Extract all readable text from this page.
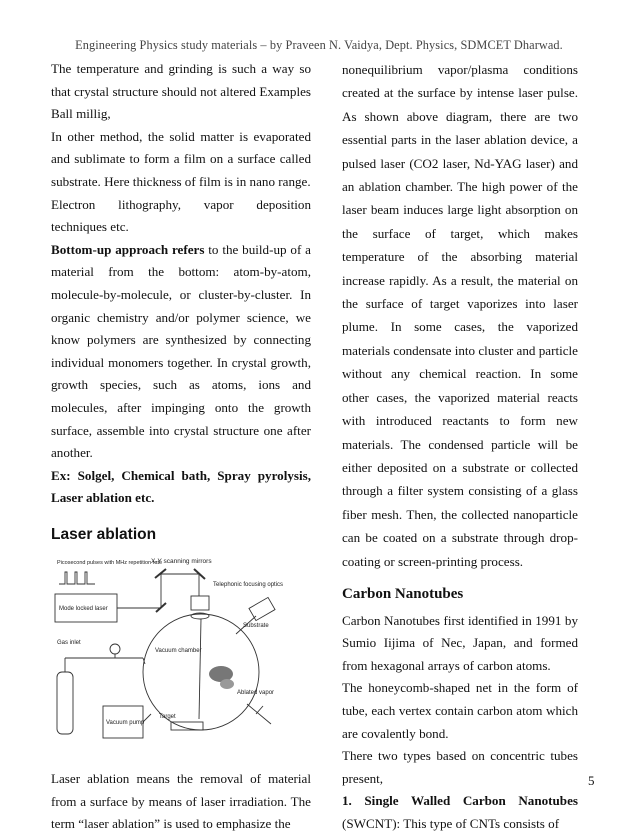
Engineering Physics study materials – by Praveen N. Vaidya, Dept. Physics, SDMCET Dharwad.

The temperature and grinding is such a way so that crystal structure should not altered Examples Ball millig,

In other method, the solid matter is evaporated and sublimate to form a film on a surface called substrate. Here thickness of film is in nano range.

Electron lithography, vapor deposition techniques etc.

Bottom-up approach refers to the build-up of a material from the bottom: atom-by-atom, molecule-by-molecule, or cluster-by-cluster. In organic chemistry and/or polymer science, we know polymers are synthesized by connecting individual monomers together. In crystal growth, growth species, such as atoms, ions and molecules, after impinging onto the growth surface, assemble into crystal structure one after another.

Ex: Solgel, Chemical bath, Spray pyrolysis, Laser ablation etc.

Laser ablation
X-Y scanning mirrors
Picosecond pulses with MHz repetition rate
Mode locked laser
Telephonic focusing optics
Substrate
Gas inlet
Vacuum chamber
Ablated vapor
Target
Vacuum pump

Laser ablation means the removal of material from a surface by means of laser irradiation. The term “laser ablation” is used to emphasize the

nonequilibrium vapor/plasma conditions created at the surface by intense laser pulse. As shown above diagram, there are two essential parts in the laser ablation device, a pulsed laser (CO2 laser, Nd-YAG laser) and an ablation chamber. The high power of the laser beam induces large light absorption on the surface of target, which makes temperature of the absorbing material increase rapidly. As a result, the material on the surface of target vaporizes into laser plume. In some cases, the vaporized materials condensate into cluster and particle without any chemical reaction. In some other cases, the vaporized material reacts with introduced reactants to form new materials. The condensed particle will be either deposited on a substrate or collected through a filter system consisting of a glass fiber mesh. Then, the collected nanoparticle can be coated on a substrate through drop-coating or screen-printing process.

Carbon Nanotubes

Carbon Nanotubes first identified in 1991 by Sumio Iijima of Nec, Japan, and formed from hexagonal arrays of carbon atoms.

The honeycomb-shaped net in the form of tube, each vertex contain carbon atom which are covalently bond.

There two types based on concentric tubes present,

1. Single Walled Carbon Nanotubes (SWCNT): This type of CNTs consists of

5
